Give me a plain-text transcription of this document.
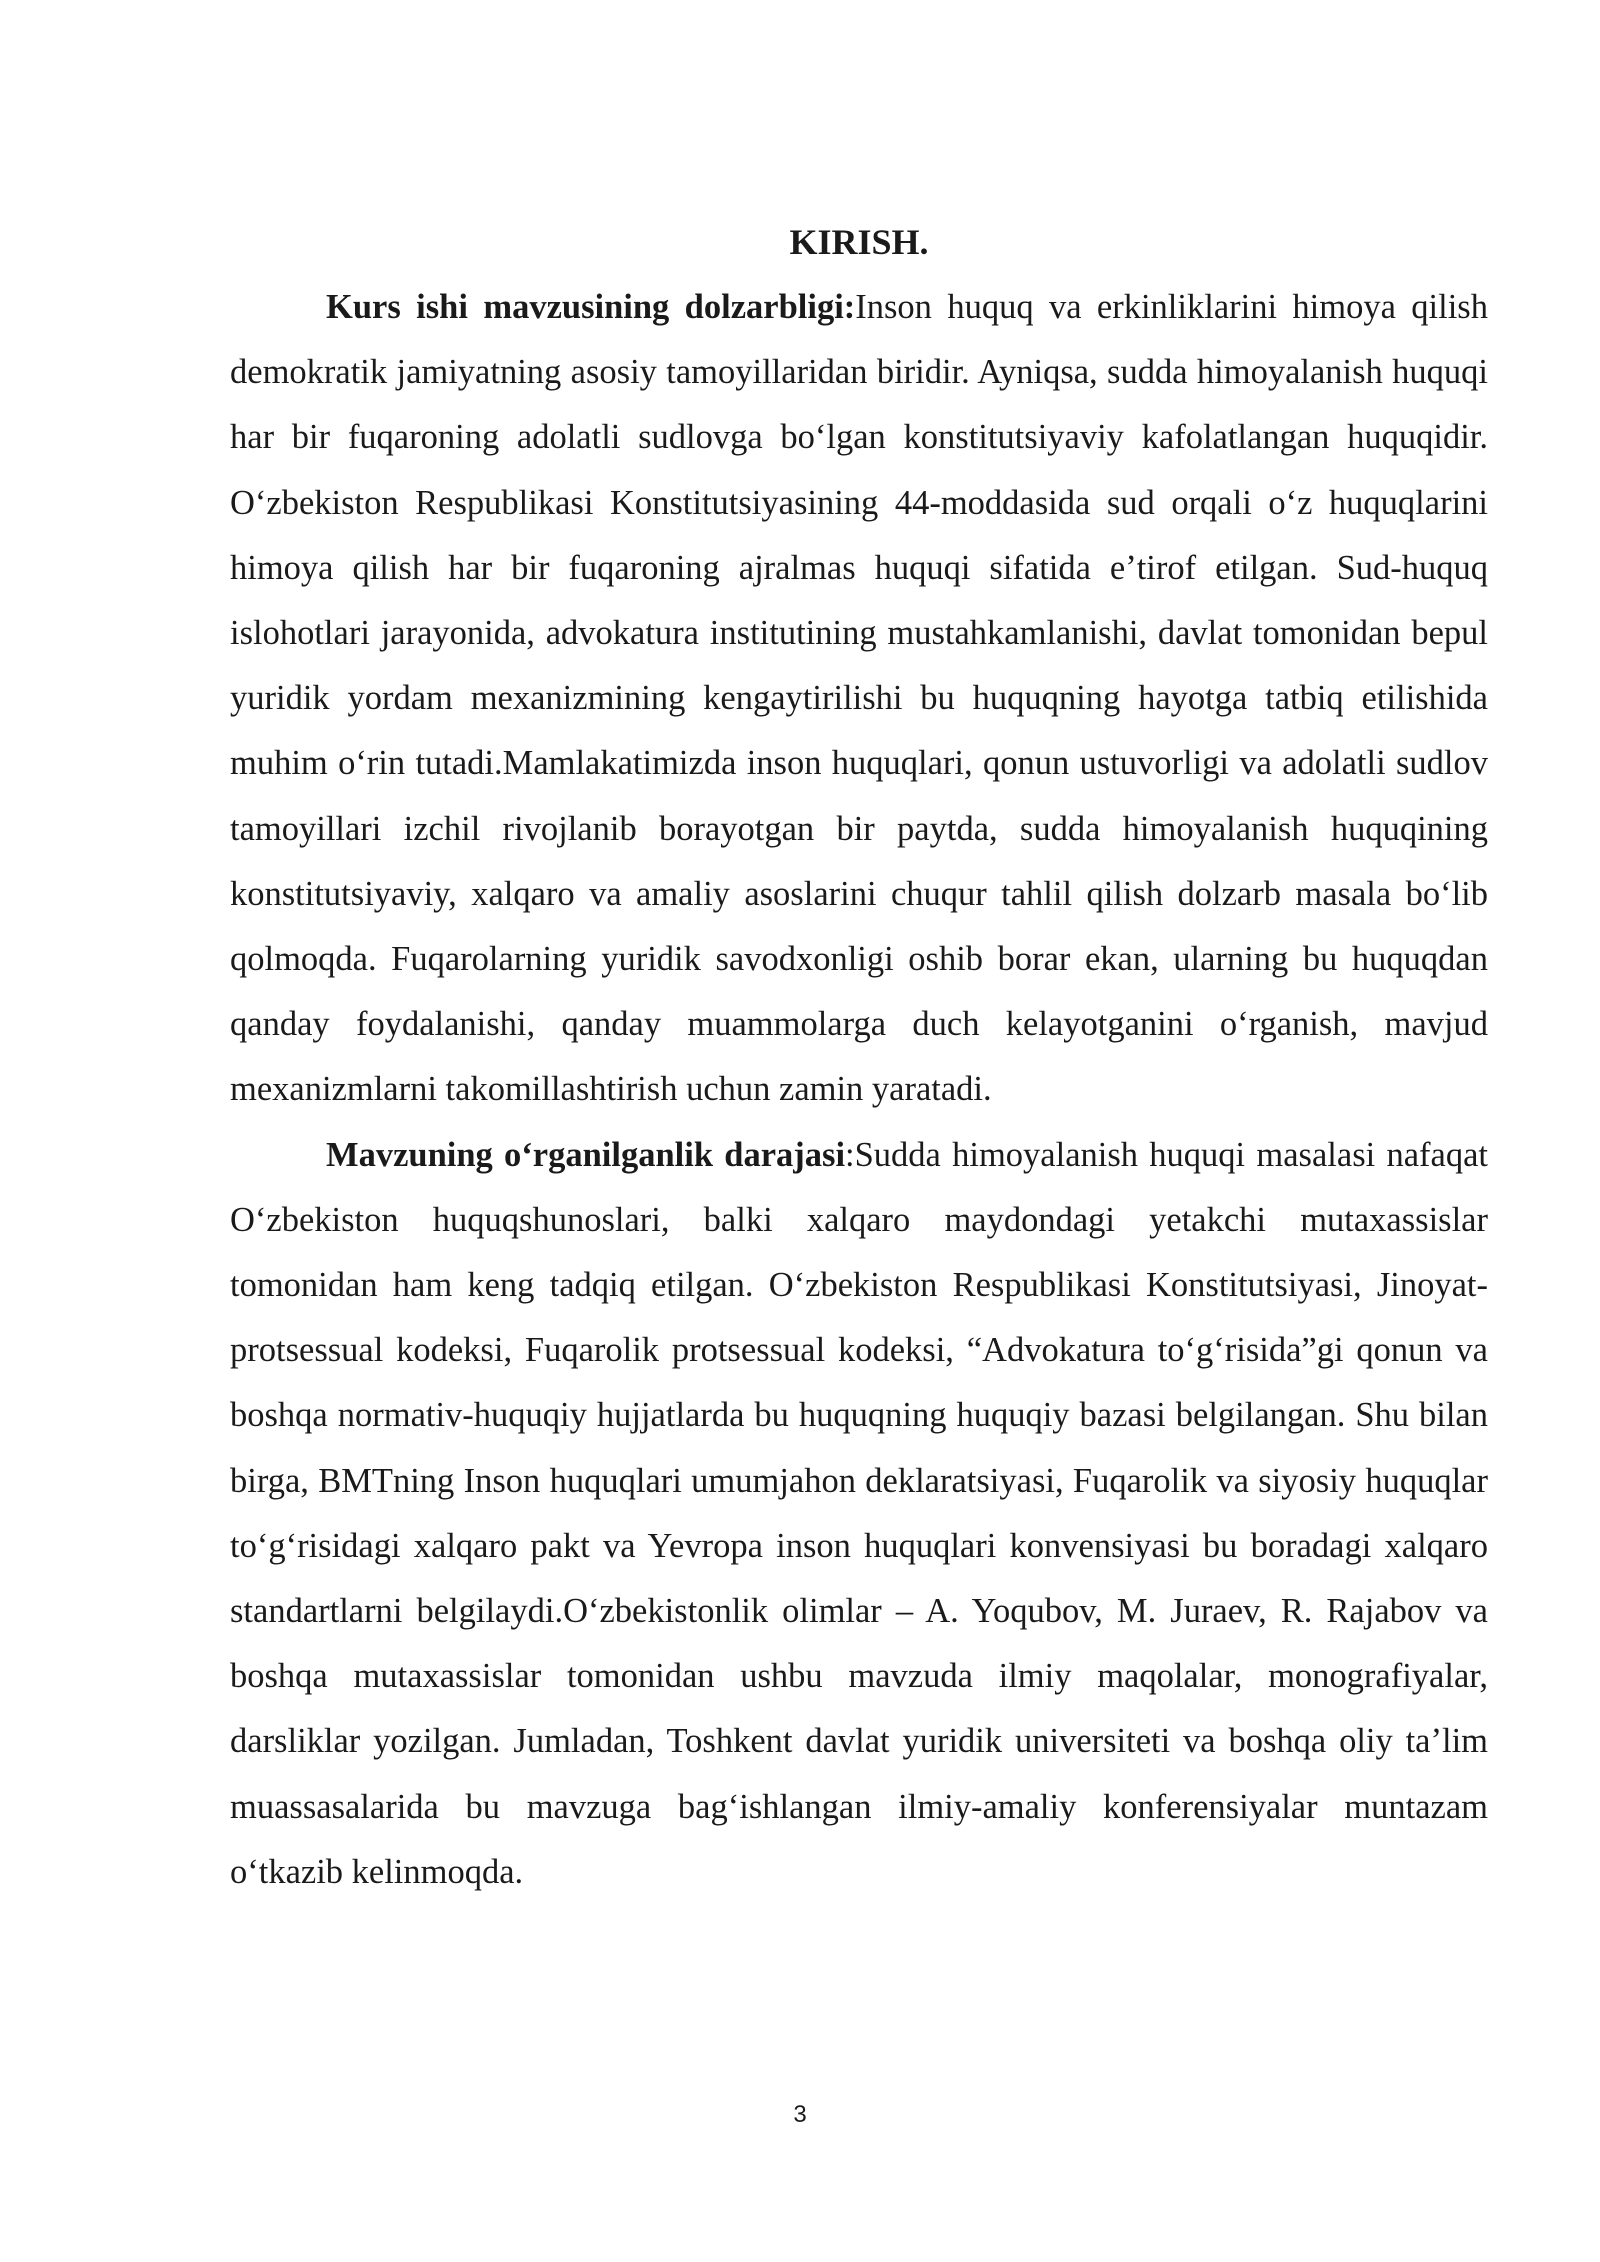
KIRISH.

Kurs ishi mavzusining dolzarbligi:Inson huquq va erkinliklarini himoya qilish demokratik jamiyatning asosiy tamoyillaridan biridir. Ayniqsa, sudda himoyalanish huquqi har bir fuqaroning adolatli sudlovga boʻlgan konstitutsiyaviy kafolatlangan huquqidir. Oʻzbekiston Respublikasi Konstitutsiyasining 44-moddasida sud orqali oʻz huquqlarini himoya qilish har bir fuqaroning ajralmas huquqi sifatida eʼtirof etilgan. Sud-huquq islohotlari jarayonida, advokatura institutining mustahkamlanishi, davlat tomonidan bepul yuridik yordam mexanizmining kengaytirilishi bu huquqning hayotga tatbiq etilishida muhim oʻrin tutadi.Mamlakatimizda inson huquqlari, qonun ustuvorligi va adolatli sudlov tamoyillari izchil rivojlanib borayotgan bir paytda, sudda himoyalanish huquqining konstitutsiyaviy, xalqaro va amaliy asoslarini chuqur tahlil qilish dolzarb masala boʻlib qolmoqda. Fuqarolarning yuridik savodxonligi oshib borar ekan, ularning bu huquqdan qanday foydalanishi, qanday muammolarga duch kelayotganini oʻrganish, mavjud mexanizmlarni takomillashtirish uchun zamin yaratadi.

Mavzuning oʻrganilganlik darajasi:Sudda himoyalanish huquqi masalasi nafaqat Oʻzbekiston huquqshunoslari, balki xalqaro maydondagi yetakchi mutaxassislar tomonidan ham keng tadqiq etilgan. Oʻzbekiston Respublikasi Konstitutsiyasi, Jinoyat-protsessual kodeksi, Fuqarolik protsessual kodeksi, “Advokatura toʻgʻrisida”gi qonun va boshqa normativ-huquqiy hujjatlarda bu huquqning huquqiy bazasi belgilangan. Shu bilan birga, BMTning Inson huquqlari umumjahon deklaratsiyasi, Fuqarolik va siyosiy huquqlar toʻgʻrisidagi xalqaro pakt va Yevropa inson huquqlari konvensiyasi bu boradagi xalqaro standartlarni belgilaydi.Oʻzbekistonlik olimlar – A. Yoqubov, M. Juraev, R. Rajabov va boshqa mutaxassislar tomonidan ushbu mavzuda ilmiy maqolalar, monografiyalar, darsliklar yozilgan. Jumladan, Toshkent davlat yuridik universiteti va boshqa oliy taʼlim muassasalarida bu mavzuga bagʻishlangan ilmiy-amaliy konferensiyalar muntazam oʻtkazib kelinmoqda.

3
